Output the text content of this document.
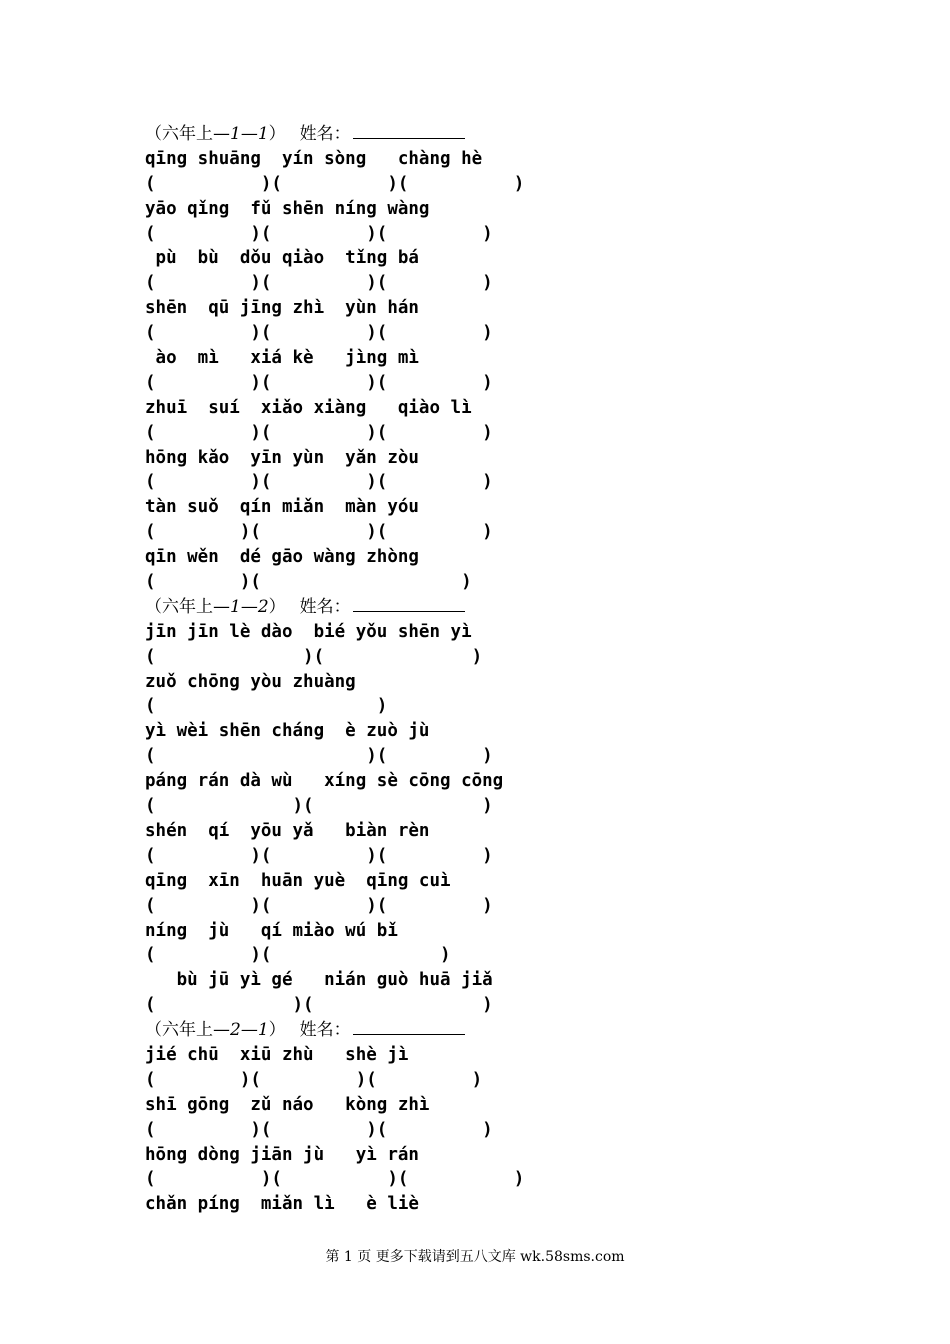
（ 六年上— 1—1 ） 姓名：
qīng shuāng  yín sòng   chàng hè
(          )(          )(          )
yāo qǐng  fǔ shēn níng wàng
(         )(         )(         )
pù  bù  dǒu qiào  tǐng bá
(         )(         )(         )
shēn  qū jīng zhì  yùn hán
(         )(         )(         )
ào  mì   xiá kè   jìng mì
(         )(         )(         )
zhuī  suí  xiǎo xiàng   qiào lì
(         )(         )(         )
hōng kǎo  yīn yùn  yǎn zòu
(         )(         )(         )
tàn suǒ  qín miǎn  màn yóu
(        )(          )(         )
qīn wěn  dé gāo wàng zhòng
(        )(                   )
（ 六年上— 1—2 ） 姓名：
jīn jīn lè dào  bié yǒu shēn yì
(              )(              )
zuǒ chōng yòu zhuàng
(                     )
yì wèi shēn cháng  è zuò jù
(                    )(         )
páng rán dà wù   xíng sè cōng cōng
(             )(                )
shén  qí  yōu yǎ   biàn rèn
(         )(         )(         )
qīng  xīn  huān yuè  qīng cuì
(         )(         )(         )
níng  jù   qí miào wú bǐ
(         )(                )
bù jū yì gé   nián guò huā jiǎ
(             )(                )
（ 六年上— 2—1 ） 姓名：
jié chū  xiū zhù   shè jì
(        )(         )(         )
shī gōng  zǔ náo   kòng zhì
(         )(         )(         )
hōng dòng jiān jù   yì rán
(          )(          )(          )
chǎn píng  miǎn lì   è liè
第 1 页 更多下载请到五八文库 wk.58sms.com
